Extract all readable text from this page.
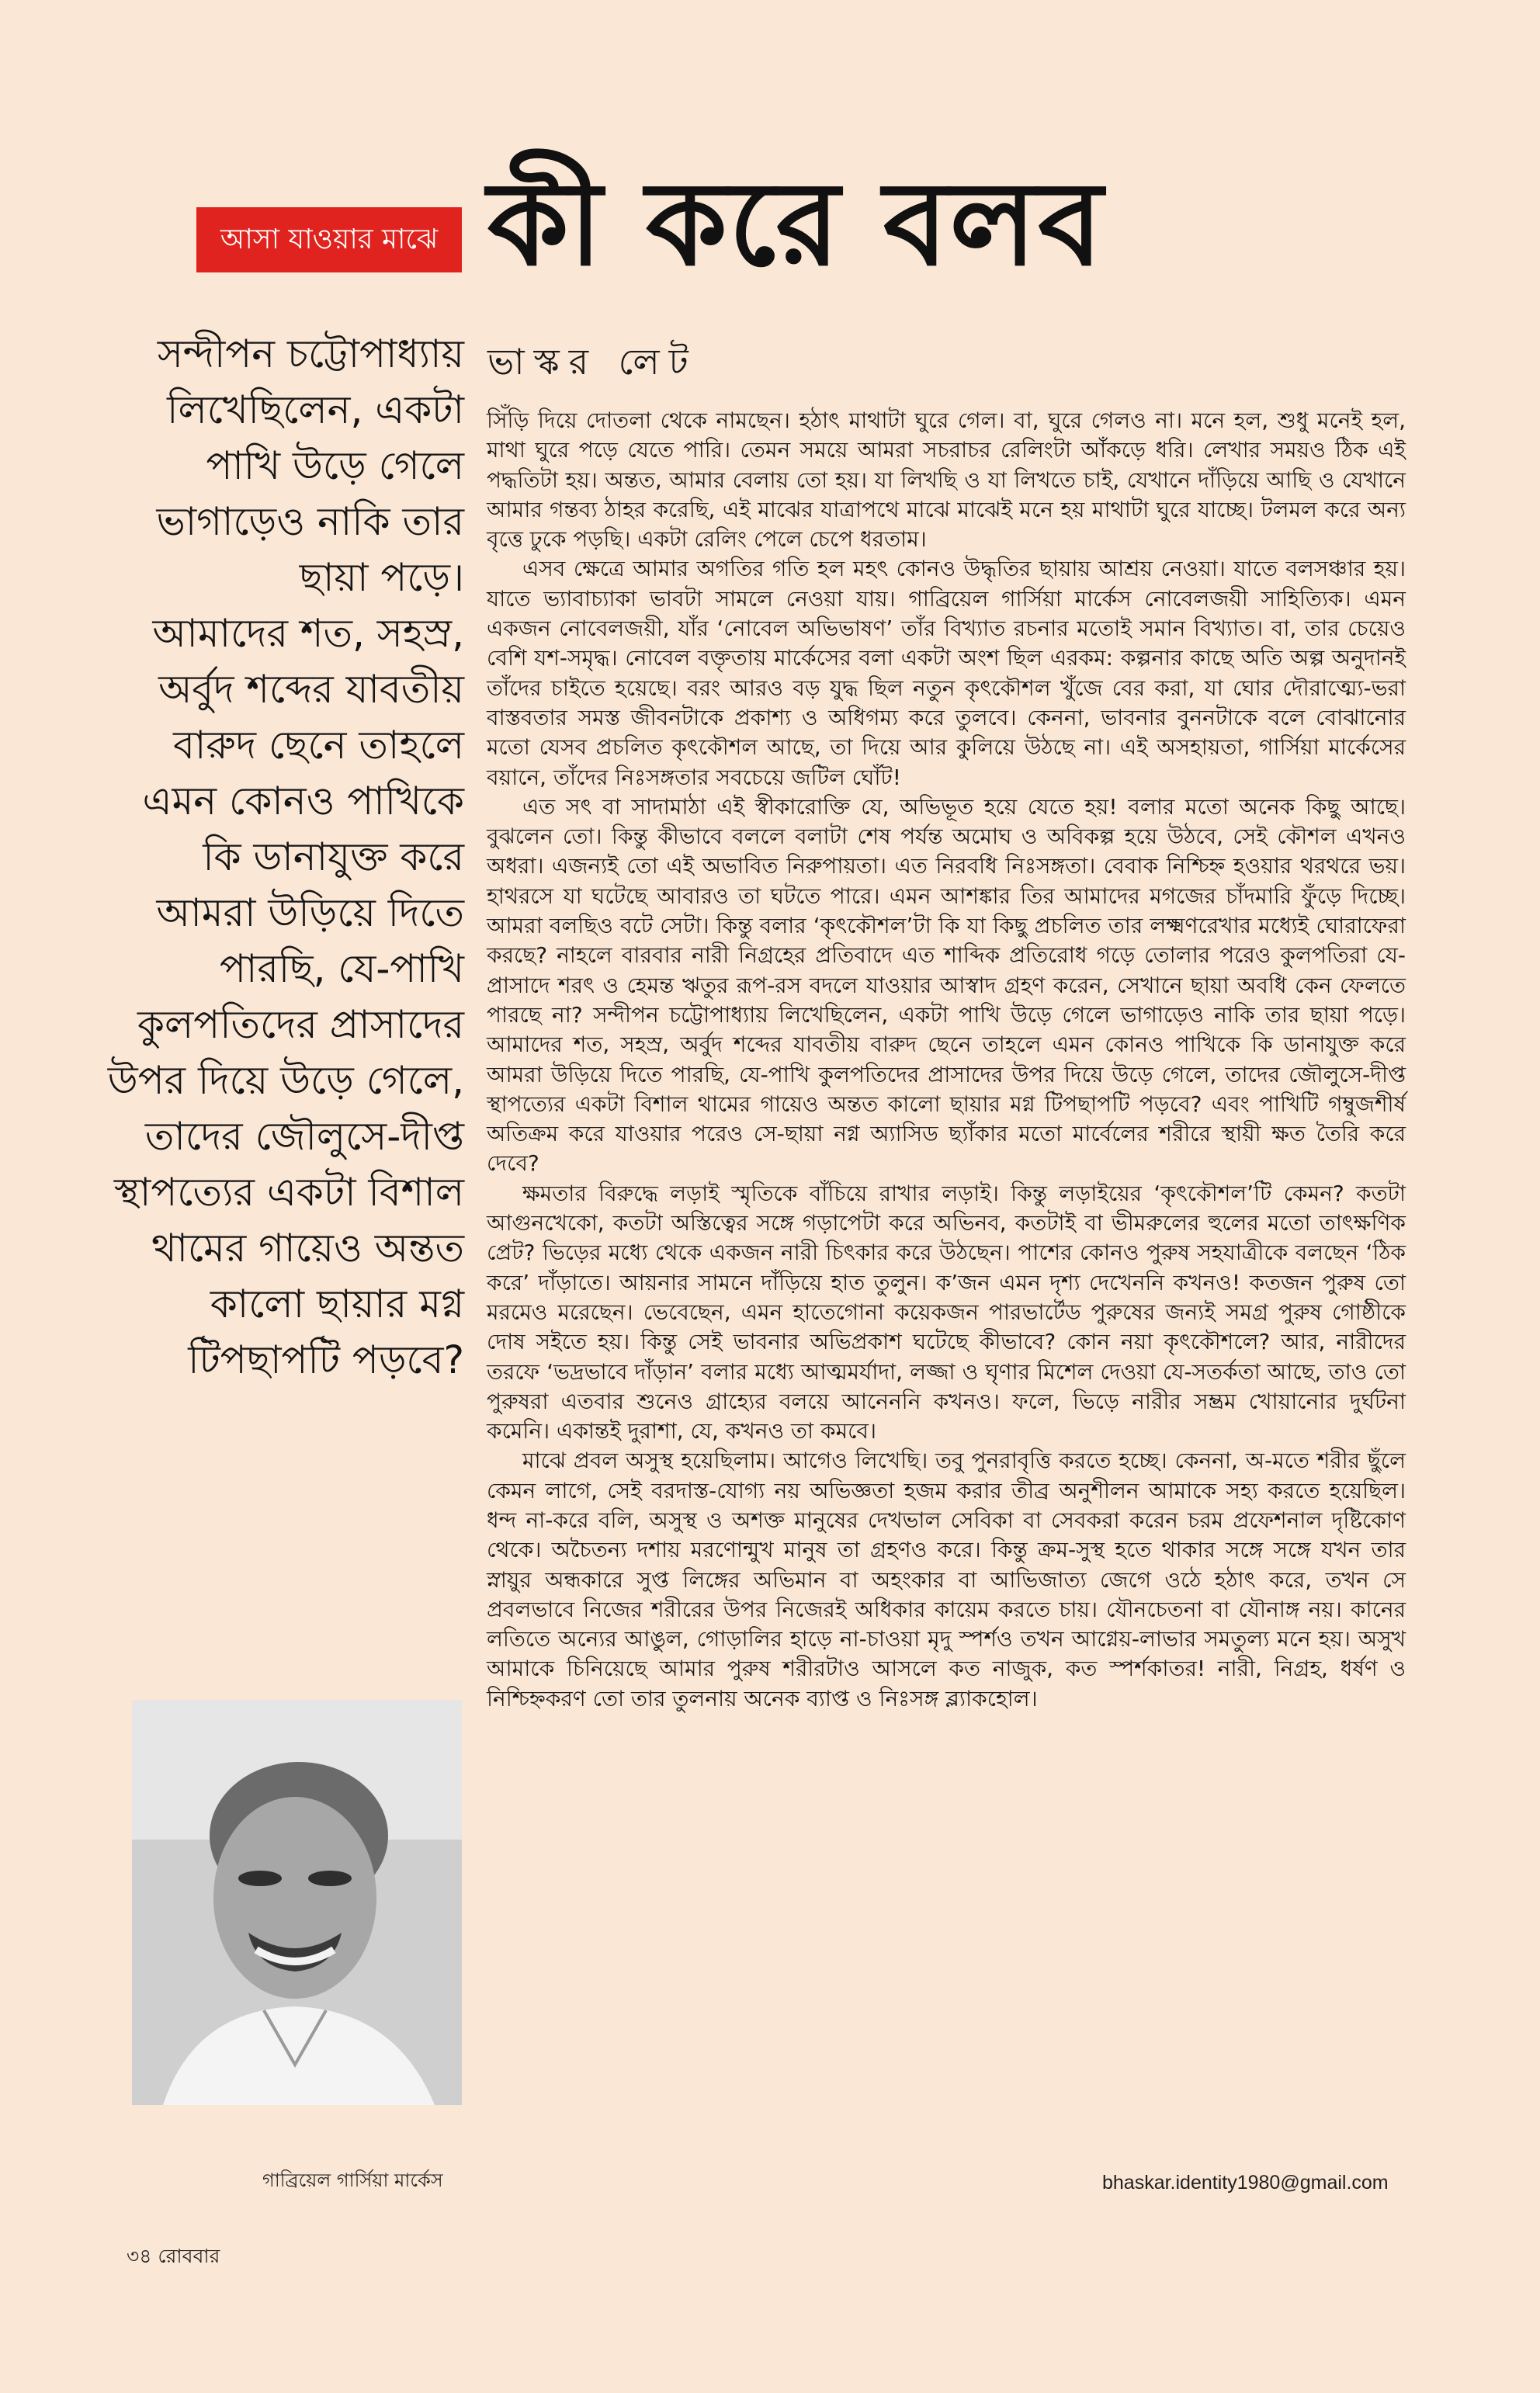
আসা যাওয়ার মাঝে কী করে বলব
ভাস্কর লেট

সন্দীপন চট্টোপাধ্যায় লিখেছিলেন, একটা পাখি উড়ে গেলে ভাগাড়েও নাকি তার ছায়া পড়ে।

আমাদের শত, সহস্র, অর্বুদ শব্দের যাবতীয় বারুদ ছেনে তাহলে এমন কোনও পাখিকে কি ডানাযুক্ত করে আমরা উড়িয়ে দিতে পারছি, যে-পাখি কুলপতিদের প্রাসাদের উপর দিয়ে উড়ে গেলে, তাদের জৌলুসে-দীপ্ত স্থাপত্যের একটা বিশাল থামের গায়েও অন্তত কালো ছায়ার মগ্ন টিপছাপটি পড়বে?

সিঁড়ি দিয়ে দোতলা থেকে নামছেন। হঠাৎ মাথাটা ঘুরে গেল। বা, ঘুরে গেলও না। মনে হল, শুধু মনেই হল, মাথা ঘুরে পড়ে যেতে পারি। তেমন সময়ে আমরা সচরাচর রেলিংটা আঁকড়ে ধরি। লেখার সময়ও ঠিক এই পদ্ধতিটা হয়। অন্তত, আমার বেলায় তো হয়। যা লিখছি ও যা লিখতে চাই, যেখানে দাঁড়িয়ে আছি ও যেখানে আমার গন্তব্য ঠাহর করেছি, এই মাঝের যাত্রাপথে মাঝে মাঝেই মনে হয় মাথাটা ঘুরে যাচ্ছে। টলমল করে অন্য বৃত্তে ঢুকে পড়ছি। একটা রেলিং পেলে চেপে ধরতাম।

এসব ক্ষেত্রে আমার অগতির গতি হল মহৎ কোনও উদ্ধৃতির ছায়ায় আশ্রয় নেওয়া। যাতে বলসঞ্চার হয়। যাতে ভ্যাবাচ্যাকা ভাবটা সামলে নেওয়া যায়। গাব্রিয়েল গার্সিয়া মার্কেস নোবেলজয়ী সাহিত্যিক। এমন একজন নোবেলজয়ী, যাঁর ‘নোবেল অভিভাষণ’ তাঁর বিখ্যাত রচনার মতোই সমান বিখ্যাত। বা, তার চেয়েও বেশি যশ-সমৃদ্ধ। নোবেল বক্তৃতায় মার্কেসের বলা একটা অংশ ছিল এরকম: কল্পনার কাছে অতি অল্প অনুদানই তাঁদের চাইতে হয়েছে। বরং আরও বড় যুদ্ধ ছিল নতুন কৃৎকৌশল খুঁজে বের করা, যা ঘোর দৌরাত্ম্যে-ভরা বাস্তবতার সমস্ত জীবনটাকে প্রকাশ্য ও অধিগম্য করে তুলবে। কেননা, ভাবনার বুননটাকে বলে বোঝানোর মতো যেসব প্রচলিত কৃৎকৌশল আছে, তা দিয়ে আর কুলিয়ে উঠছে না। এই অসহায়তা, গার্সিয়া মার্কেসের বয়ানে, তাঁদের নিঃসঙ্গতার সবচেয়ে জটিল ঘোঁট!

এত সৎ বা সাদামাঠা এই স্বীকারোক্তি যে, অভিভূত হয়ে যেতে হয়! বলার মতো অনেক কিছু আছে। বুঝলেন তো। কিন্তু কীভাবে বললে বলাটা শেষ পর্যন্ত অমোঘ ও অবিকল্প হয়ে উঠবে, সেই কৌশল এখনও অধরা। এজন্যই তো এই অভাবিত নিরুপায়তা। এত নিরবধি নিঃসঙ্গতা। বেবাক নিশ্চিহ্ন হওয়ার থরথরে ভয়। হাথরসে যা ঘটেছে আবারও তা ঘটতে পারে। এমন আশঙ্কার তির আমাদের মগজের চাঁদমারি ফুঁড়ে দিচ্ছে। আমরা বলছিও বটে সেটা। কিন্তু বলার ‘কৃৎকৌশল’টা কি যা কিছু প্রচলিত তার লক্ষ্মণরেখার মধ্যেই ঘোরাফেরা করছে? নাহলে বারবার নারী নিগ্রহের প্রতিবাদে এত শাব্দিক প্রতিরোধ গড়ে তোলার পরেও কুলপতিরা যে-প্রাসাদে শরৎ ও হেমন্ত ঋতুর রূপ-রস বদলে যাওয়ার আস্বাদ গ্রহণ করেন, সেখানে ছায়া অবধি কেন ফেলতে পারছে না? সন্দীপন চট্টোপাধ্যায় লিখেছিলেন, একটা পাখি উড়ে গেলে ভাগাড়েও নাকি তার ছায়া পড়ে। আমাদের শত, সহস্র, অর্বুদ শব্দের যাবতীয় বারুদ ছেনে তাহলে এমন কোনও পাখিকে কি ডানাযুক্ত করে আমরা উড়িয়ে দিতে পারছি, যে-পাখি কুলপতিদের প্রাসাদের উপর দিয়ে উড়ে গেলে, তাদের জৌলুসে-দীপ্ত স্থাপত্যের একটা বিশাল থামের গায়েও অন্তত কালো ছায়ার মগ্ন টিপছাপটি পড়বে? এবং পাখিটি গম্বুজশীর্ষ অতিক্রম করে যাওয়ার পরেও সে-ছায়া নগ্ন অ্যাসিড ছ্যাঁকার মতো মার্বেলের শরীরে স্থায়ী ক্ষত তৈরি করে দেবে?

ক্ষমতার বিরুদ্ধে লড়াই স্মৃতিকে বাঁচিয়ে রাখার লড়াই। কিন্তু লড়াইয়ের ‘কৃৎকৌশল’টি কেমন? কতটা আগুনখেকো, কতটা অস্তিত্বের সঙ্গে গড়াপেটা করে অভিনব, কতটাই বা ভীমরুলের হুলের মতো তাৎক্ষণিক প্রেট? ভিড়ের মধ্যে থেকে একজন নারী চিৎকার করে উঠছেন। পাশের কোনও পুরুষ সহযাত্রীকে বলছেন ‘ঠিক করে’ দাঁড়াতে। আয়নার সামনে দাঁড়িয়ে হাত তুলুন। ক’জন এমন দৃশ্য দেখেননি কখনও! কতজন পুরুষ তো মরমেও মরেছেন। ভেবেছেন, এমন হাতেগোনা কয়েকজন পারভার্টেড পুরুষের জন্যই সমগ্র পুরুষ গোষ্ঠীকে দোষ সইতে হয়। কিন্তু সেই ভাবনার অভিপ্রকাশ ঘটেছে কীভাবে? কোন নয়া কৃৎকৌশলে? আর, নারীদের তরফে ‘ভদ্রভাবে দাঁড়ান’ বলার মধ্যে আত্মমর্যাদা, লজ্জা ও ঘৃণার মিশেল দেওয়া যে-সতর্কতা আছে, তাও তো পুরুষরা এতবার শুনেও গ্রাহ্যের বলয়ে আনেননি কখনও। ফলে, ভিড়ে নারীর সম্ভ্রম খোয়ানোর দুর্ঘটনা কমেনি। একান্তই দুরাশা, যে, কখনও তা কমবে।

মাঝে প্রবল অসুস্থ হয়েছিলাম। আগেও লিখেছি। তবু পুনরাবৃত্তি করতে হচ্ছে। কেননা, অ-মতে শরীর ছুঁলে কেমন লাগে, সেই বরদাস্ত-যোগ্য নয় অভিজ্ঞতা হজম করার তীব্র অনুশীলন আমাকে সহ্য করতে হয়েছিল। ধন্দ না-করে বলি, অসুস্থ ও অশক্ত মানুষের দেখভাল সেবিকা বা সেবকরা করেন চরম প্রফেশনাল দৃষ্টিকোণ থেকে। অচৈতন্য দশায় মরণোন্মুখ মানুষ তা গ্রহণও করে। কিন্তু ক্রম-সুস্থ হতে থাকার সঙ্গে সঙ্গে যখন তার স্নায়ুর অন্ধকারে সুপ্ত লিঙ্গের অভিমান বা অহংকার বা আভিজাত্য জেগে ওঠে হঠাৎ করে, তখন সে প্রবলভাবে নিজের শরীরের উপর নিজেরই অধিকার কায়েম করতে চায়। যৌনচেতনা বা যৌনাঙ্গ নয়। কানের লতিতে অন্যের আঙুল, গোড়ালির হাড়ে না-চাওয়া মৃদু স্পর্শও তখন আগ্নেয়-লাভার সমতুল্য মনে হয়। অসুখ আমাকে চিনিয়েছে আমার পুরুষ শরীরটাও আসলে কত নাজুক, কত স্পর্শকাতর! নারী, নিগ্রহ, ধর্ষণ ও নিশ্চিহ্নকরণ তো তার তুলনায় অনেক ব্যাপ্ত ও নিঃসঙ্গ ব্ল্যাকহোল।

গাব্রিয়েল গার্সিয়া মার্কেস	bhaskar.identity1980@gmail.com
৩৪ রোববার
